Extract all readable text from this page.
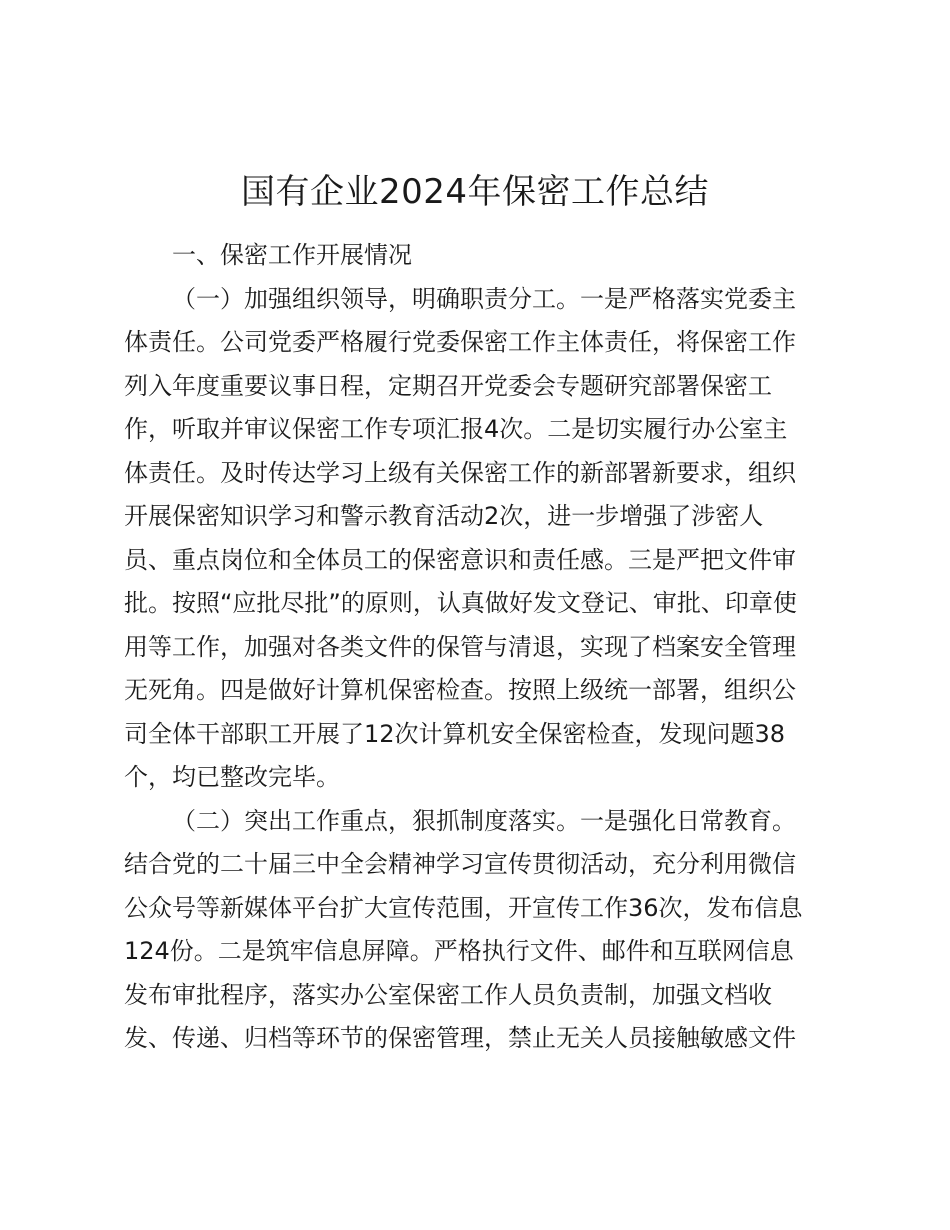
国有企业2024年保密工作总结
一、保密工作开展情况
（一）加强组织领导，明确职责分工。一是严格落实党委主
体责任。公司党委严格履行党委保密工作主体责任，将保密工作
列入年度重要议事日程，定期召开党委会专题研究部署保密工
作，听取并审议保密工作专项汇报4次。二是切实履行办公室主
体责任。及时传达学习上级有关保密工作的新部署新要求，组织
开展保密知识学习和警示教育活动2次，进一步增强了涉密人
员、重点岗位和全体员工的保密意识和责任感。三是严把文件审
批。按照“应批尽批”的原则，认真做好发文登记、审批、印章使
用等工作，加强对各类文件的保管与清退，实现了档案安全管理
无死角。四是做好计算机保密检查。按照上级统一部署，组织公
司全体干部职工开展了12次计算机安全保密检查，发现问题38
个，均已整改完毕。
（二）突出工作重点，狠抓制度落实。一是强化日常教育。
结合党的二十届三中全会精神学习宣传贯彻活动，充分利用微信
公众号等新媒体平台扩大宣传范围，开宣传工作36次，发布信息
124份。二是筑牢信息屏障。严格执行文件、邮件和互联网信息
发布审批程序，落实办公室保密工作人员负责制，加强文档收
发、传递、归档等环节的保密管理，禁止无关人员接触敏感文件
